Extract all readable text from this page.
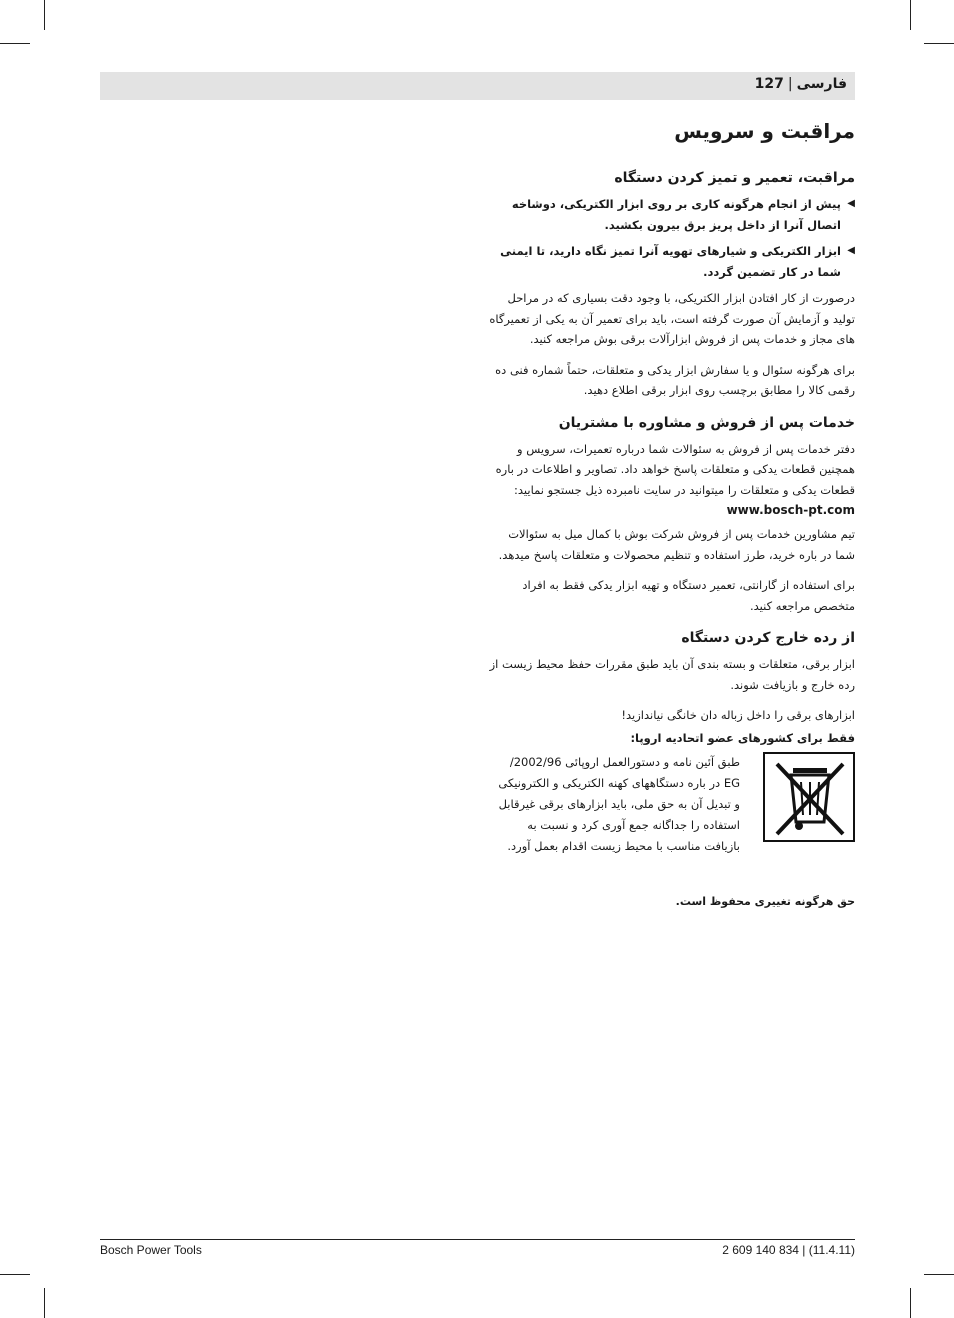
فارسی|127
مراقبت و سرویس
مراقبت، تعمیر و تمیز کردن دستگاه
◀
پیش از انجام هرگونه کاری بر روی ابزار الکتریکی، دوشاخه اتصال آنرا از داخل پریز برق بیرون بکشید.
◀
ابزار الکتریکی و شیارهای تهویه آنرا تمیز نگاه دارید، تا ایمنی شما در کار تضمین گردد.

درصورت از کار افتادن ابزار الکتریکی، با وجود دقت بسیاری که در مراحل تولید و آزمایش آن صورت گرفته است، باید برای تعمیر آن به یکی از تعمیرگاه های مجاز و خدمات پس از فروش ابزارآلات برقی بوش مراجعه کنید.

برای هرگونه سئوال و یا سفارش ابزار یدکی و متعلقات، حتماً شماره فنی ده رقمی کالا را مطابق برچسب روی ابزار برقی اطلاع دهید.

خدمات پس از فروش و مشاوره با مشتریان

دفتر خدمات پس از فروش به سئوالات شما درباره تعمیرات، سرویس و همچنین قطعات یدکی و متعلقات پاسخ خواهد داد. تصاویر و اطلاعات در باره قطعات یدکی و متعلقات را میتوانید در سایت نامبرده ذیل جستجو نمایید:

www.bosch-pt.com

تیم مشاورین خدمات پس از فروش شرکت بوش با کمال میل به سئوالات شما در باره خرید، طرز استفاده و تنظیم محصولات و متعلقات پاسخ میدهد.

برای استفاده از گارانتی، تعمیر دستگاه و تهیه ابزار یدکی فقط به افراد متخصص مراجعه کنید.

از رده خارج کردن دستگاه

ابزار برقی، متعلقات و بسته بندی آن باید طبق مقررات حفظ محیط زیست از رده خارج و بازیافت شوند.

ابزارهای برقی را داخل زباله دان خانگی نیاندازید!

فقط برای کشورهای عضو اتحادیه اروپا:

طبق آئین نامه و دستورالعمل اروپائی 2002/96/ EG در باره دستگاههای کهنه الکتریکی و الکترونیکی و تبدیل آن به حق ملی، باید ابزارهای برقی غیرقابل استفاده را جداگانه جمع آوری کرد و نسبت به بازیافت مناسب با محیط زیست اقدام بعمل آورد.

حق هرگونه تغییری محفوظ است.

Bosch Power Tools	2 609 140 834 | (11.4.11)
